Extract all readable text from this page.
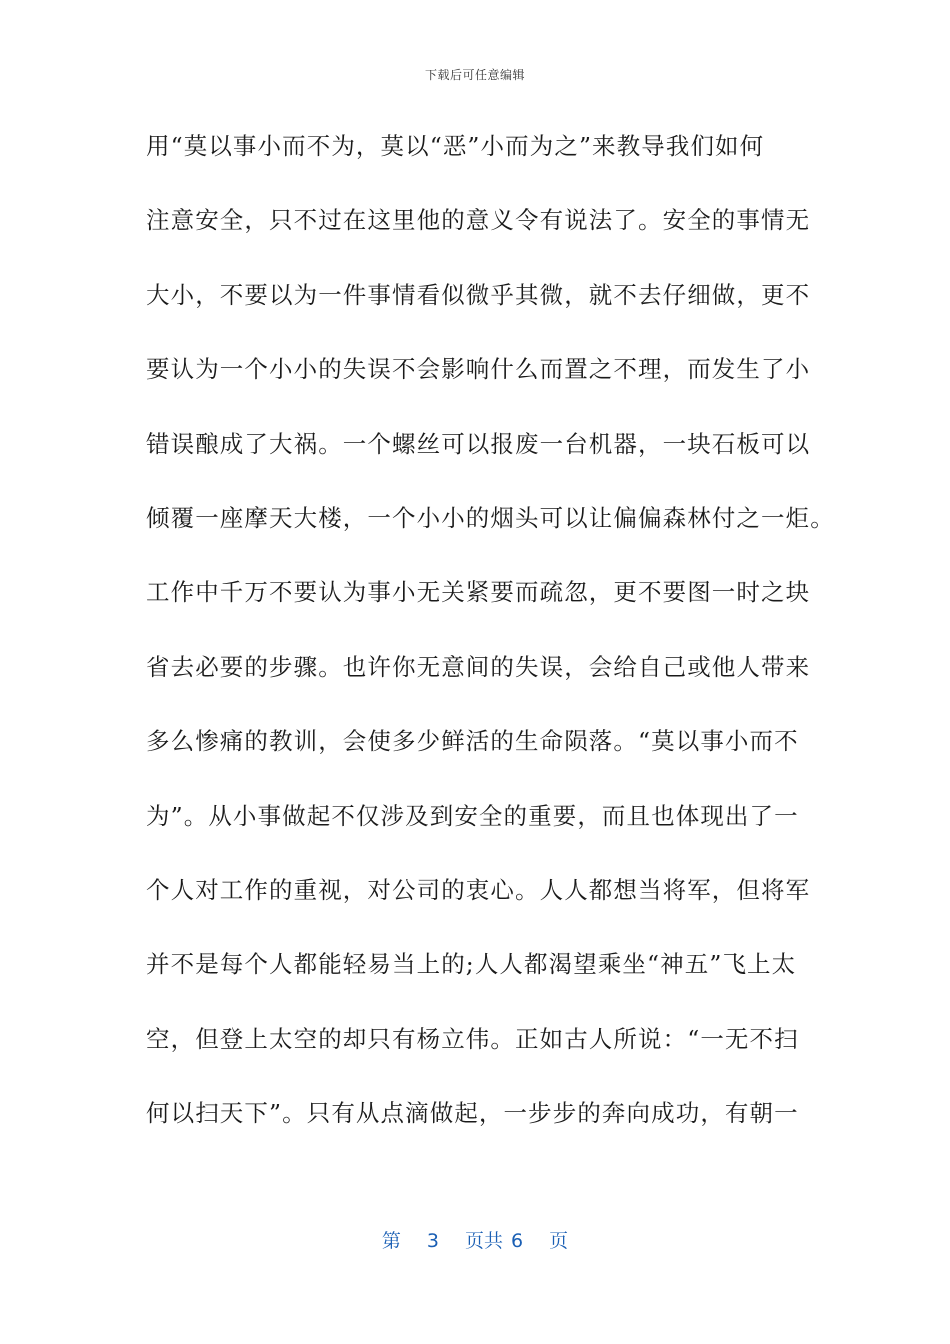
下载后可任意编辑
用“莫以事小而不为，莫以“恶”小而为之”来教导我们如何
注意安全，只不过在这里他的意义令有说法了。安全的事情无
大小，不要以为一件事情看似微乎其微，就不去仔细做，更不
要认为一个小小的失误不会影响什么而置之不理，而发生了小
错误酿成了大祸。一个螺丝可以报废一台机器，一块石板可以
倾覆一座摩天大楼，一个小小的烟头可以让偏偏森林付之一炬。
工作中千万不要认为事小无关紧要而疏忽，更不要图一时之块
省去必要的步骤。也许你无意间的失误，会给自己或他人带来
多么惨痛的教训，会使多少鲜活的生命陨落。“莫以事小而不
为”。从小事做起不仅涉及到安全的重要，而且也体现出了一
个人对工作的重视，对公司的衷心。人人都想当将军，但将军
并不是每个人都能轻易当上的;人人都渴望乘坐“神五”飞上太
空，但登上太空的却只有杨立伟。正如古人所说：“一无不扫
何以扫天下”。只有从点滴做起，一步步的奔向成功，有朝一
第 3 页共 6 页
